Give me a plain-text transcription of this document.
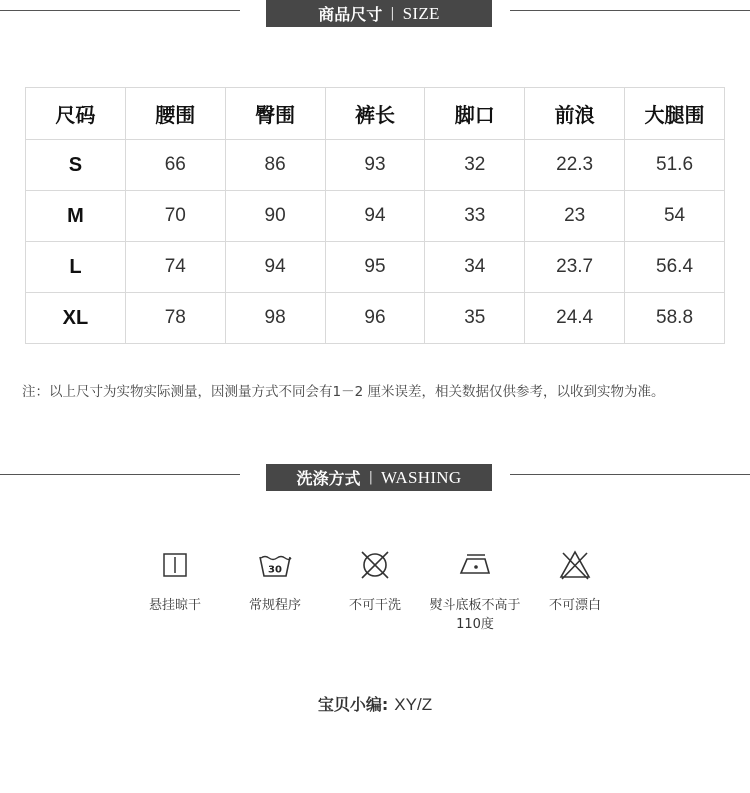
商品尺寸 | SIZE
尺码	腰围	臀围	裤长	脚口	前浪	大腿围
S	66	86	93	32	22.3	51.6
M	70	90	94	33	23	54
L	74	94	95	34	23.7	56.4
XL	78	98	96	35	24.4	58.8
注：以上尺寸为实物实际测量，因测量方式不同会有1－2 厘米误差，相关数据仅供参考，以收到实物为准。
洗涤方式 | WASHING
悬挂晾干
30
常规程序	不可干洗	熨斗底板不高于110度
不可漂白
宝贝小编: XY/Z
